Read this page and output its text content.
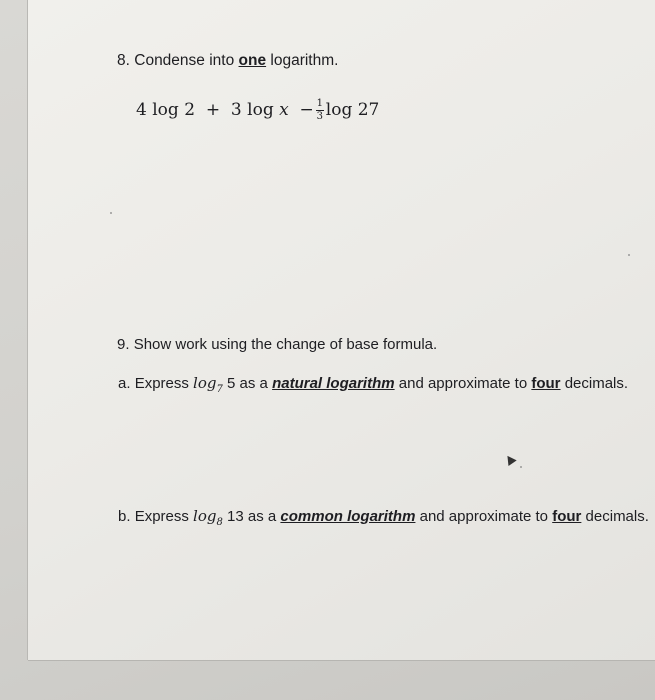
8. Condense into one logarithm.
4
log
2
+
3
log
x
− $\frac{1}{3}$ log
27
9. Show work using the change of base formula.
a. Express $\log_7 5$ as a natural logarithm and approximate to four decimals.
b. Express $\log_8 13$ as a common logarithm and approximate to four decimals.
